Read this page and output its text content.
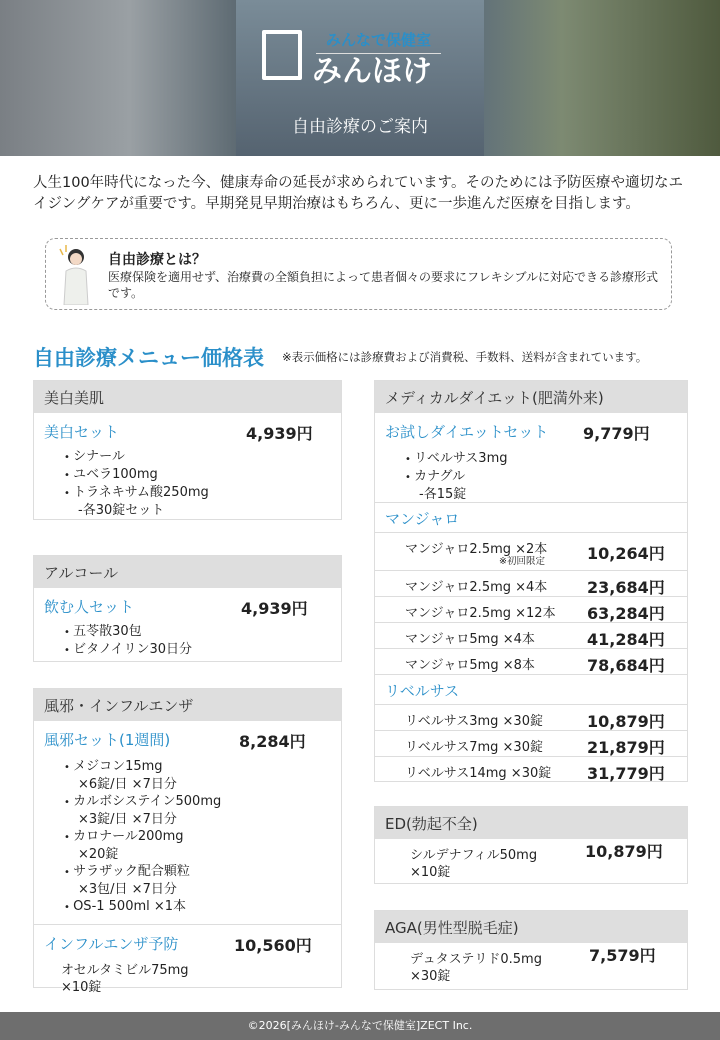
みんなで保健室
みんほけ
自由診療のご案内
人生100年時代になった今、健康寿命の延長が求められています。そのためには予防医療や適切なエイジングケアが重要です。早期発見早期治療はもちろん、更に一歩進んだ医療を目指します。
自由診療とは？

医療保険を適用せず、治療費の全額負担によって患者個々の要求にフレキシブルに対応できる診療形式です。

自由診療メニュー価格表 ※表示価格には診療費および消費税、手数料、送料が含まれています。
美白美肌
美白セット	4,939円
• シナール
• ユベラ100mg
• トラネキサム酸250mg
-各30錠セット
アルコール
飲む人セット	4,939円
• 五苓散30包
• ビタノイリン30日分
風邪・インフルエンザ
風邪セット(1週間)	8,284円
• メジコン15mg
×6錠/日 ×7日分
• カルボシステイン500mg
×3錠/日 ×7日分
• カロナール200mg
×20錠
• サラザック配合顆粒
×3包/日 ×7日分
• OS-1 500ml ×1本
インフルエンザ予防	10,560円
オセルタミビル75mg
×10錠
メディカルダイエット(肥満外来)
お試しダイエットセット	9,779円
• リベルサス3mg
• カナグル
-各15錠
マンジャロ
マンジャロ2.5mg ×2本
※初回限定	10,264円
マンジャロ2.5mg ×4本 23,684円
マンジャロ2.5mg ×12本 63,284円
マンジャロ5mg ×4本	41,284円
マンジャロ5mg ×8本	78,684円
リベルサス
リベルサス3mg ×30錠	10,879円
リベルサス7mg ×30錠	21,879円
リベルサス14mg ×30錠 31,779円
ED(勃起不全)
シルデナフィル50mg
×10錠
10,879円
AGA(男性型脱毛症)
デュタステリド0.5mg
×30錠
7,579円
©2026[みんほけ-みんなで保健室]ZECT Inc.
